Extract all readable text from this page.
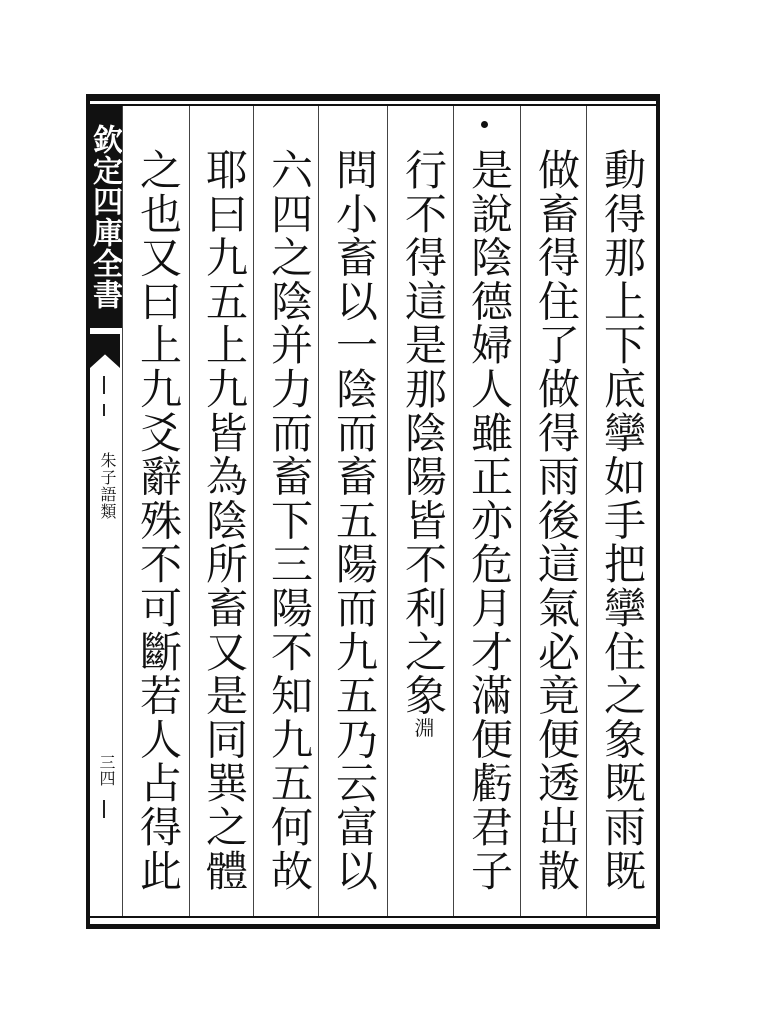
欽定四庫全書
朱子語類
三四
動得那上下底攣如手把攣住之象既雨既
做畜得住了做得雨後這氣必竟便透出散
是說陰德婦人雖正亦危月才滿便虧君子
行不得這是那陰陽皆不利之象淵
問小畜以一陰而畜五陽而九五乃云富以
六四之陰并力而畜下三陽不知九五何故
耶曰九五上九皆為陰所畜又是同巽之體
之也又曰上九爻辭殊不可斷若人占得此
